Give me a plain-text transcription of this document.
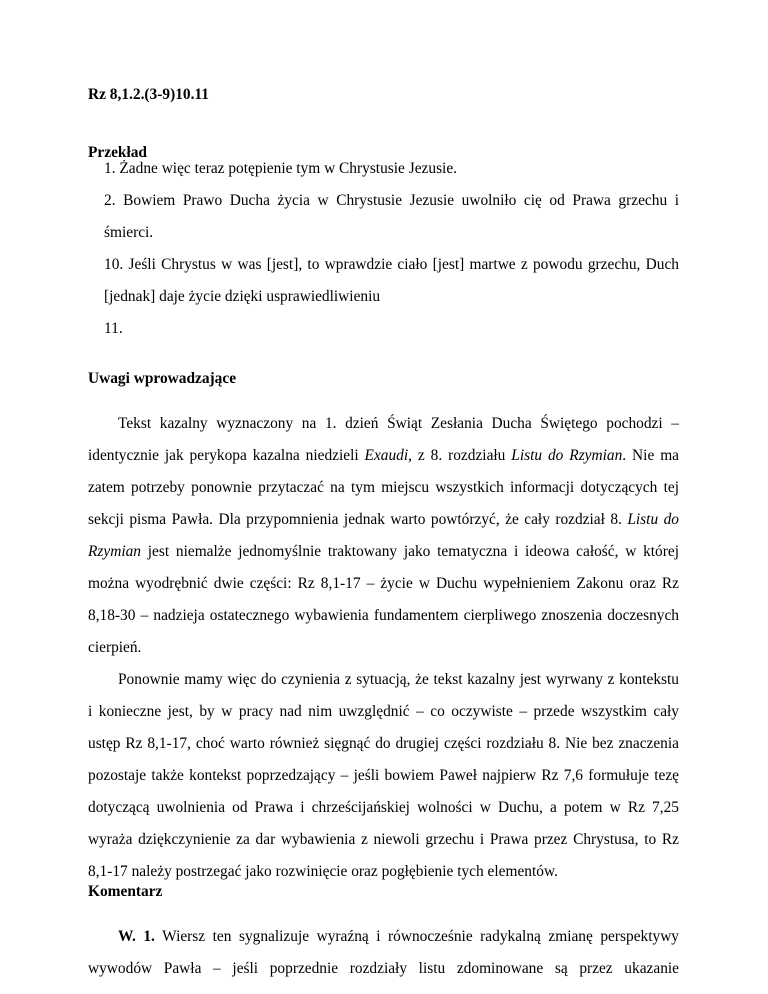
Rz 8,1.2.(3-9)10.11
Przekład
1. Żadne więc teraz potępienie tym w Chrystusie Jezusie.
2. Bowiem Prawo Ducha życia w Chrystusie Jezusie uwolniło cię od Prawa grzechu i
śmierci.
10. Jeśli Chrystus w was [jest], to wprawdzie ciało [jest] martwe z powodu grzechu, Duch
[jednak] daje życie dzięki usprawiedliwieniu
11.
Uwagi wprowadzające
Tekst kazalny wyznaczony na 1. dzień Świąt Zesłania Ducha Świętego pochodzi –
identycznie jak perykopa kazalna niedzieli Exaudi, z 8. rozdziału Listu do Rzymian. Nie ma
zatem potrzeby ponownie przytaczać na tym miejscu wszystkich informacji dotyczących tej
sekcji pisma Pawła. Dla przypomnienia jednak warto powtórzyć, że cały rozdział 8. Listu do
Rzymian jest niemalże jednomyślnie traktowany jako tematyczna i ideowa całość, w której
można wyodrębnić dwie części: Rz 8,1-17 – życie w Duchu wypełnieniem Zakonu oraz Rz
8,18-30 – nadzieja ostatecznego wybawienia fundamentem cierpliwego znoszenia doczesnych
cierpień.
Ponownie mamy więc do czynienia z sytuacją, że tekst kazalny jest wyrwany z kontekstu
i konieczne jest, by w pracy nad nim uwzględnić – co oczywiste – przede wszystkim cały
ustęp Rz 8,1-17, choć warto również sięgnąć do drugiej części rozdziału 8. Nie bez znaczenia
pozostaje także kontekst poprzedzający – jeśli bowiem Paweł najpierw Rz 7,6 formułuje tezę
dotyczącą uwolnienia od Prawa i chrześcijańskiej wolności w Duchu, a potem w Rz 7,25
wyraża dziękczynienie za dar wybawienia z niewoli grzechu i Prawa przez Chrystusa, to Rz
8,1-17 należy postrzegać jako rozwinięcie oraz pogłębienie tych elementów.
Komentarz
W. 1. Wiersz ten sygnalizuje wyraźną i równocześnie radykalną zmianę perspektywy
wywodów Pawła – jeśli poprzednie rozdziały listu zdominowane są przez ukazanie
